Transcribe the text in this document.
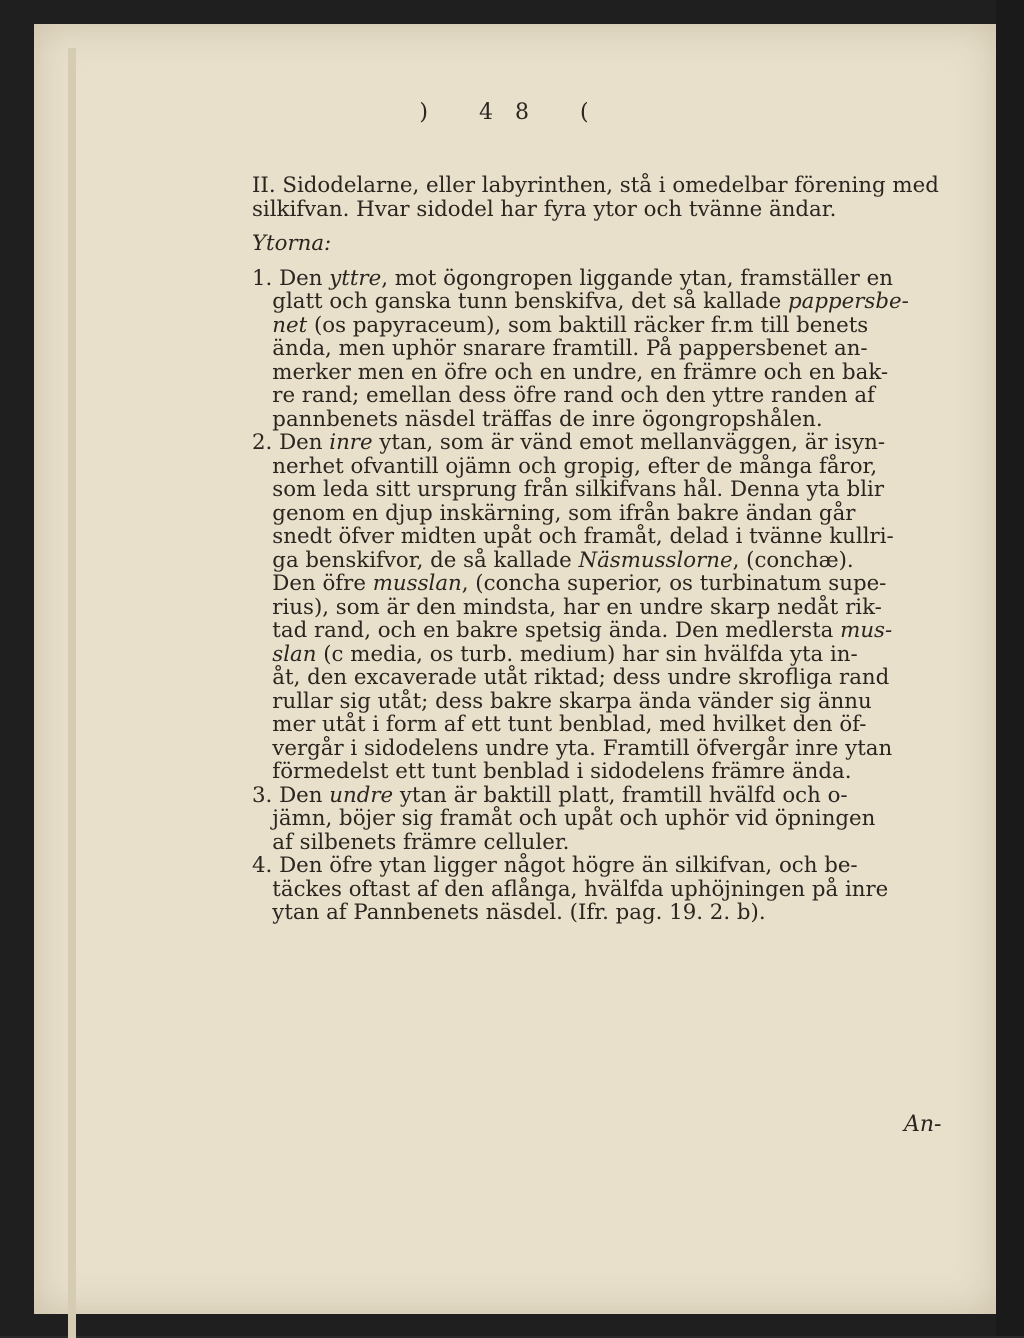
) 48 (
II. Sidodelarne, eller labyrinthen, stå i omedelbar förening med
silkifvan. Hvar sidodel har fyra ytor och tvänne ändar.
Ytorna:
1. Den yttre, mot ögongropen liggande ytan, framställer en
glatt och ganska tunn benskifva, det så kallade pappersbe-
net (os papyraceum), som baktill räcker fr.m till benets
ända, men uphör snarare framtill. På pappersbenet an-
merker men en öfre och en undre, en främre och en bak-
re rand; emellan dess öfre rand och den yttre randen af
pannbenets näsdel träffas de inre ögongropshålen.
2. Den inre ytan, som är vänd emot mellanväggen, är isyn-
nerhet ofvantill ojämn och gropig, efter de många fåror,
som leda sitt ursprung från silkifvans hål. Denna yta blir
genom en djup inskärning, som ifrån bakre ändan går
snedt öfver midten upåt och framåt, delad i tvänne kullri-
ga benskifvor, de så kallade Näsmusslorne, (conchæ).
Den öfre musslan, (concha superior, os turbinatum supe-
rius), som är den mindsta, har en undre skarp nedåt rik-
tad rand, och en bakre spetsig ända. Den medlersta mus-
slan (c media, os turb. medium) har sin hvälfda yta in-
åt, den excaverade utåt riktad; dess undre skrofliga rand
rullar sig utåt; dess bakre skarpa ända vänder sig ännu
mer utåt i form af ett tunt benblad, med hvilket den öf-
vergår i sidodelens undre yta. Framtill öfvergår inre ytan
förmedelst ett tunt benblad i sidodelens främre ända.
3. Den undre ytan är baktill platt, framtill hvälfd och o-
jämn, böjer sig framåt och upåt och uphör vid öpningen
af silbenets främre celluler.
4. Den öfre ytan ligger något högre än silkifvan, och be-
täckes oftast af den aflånga, hvälfda uphöjningen på inre
ytan af Pannbenets näsdel. (Ifr. pag. 19. 2. b).
An-
